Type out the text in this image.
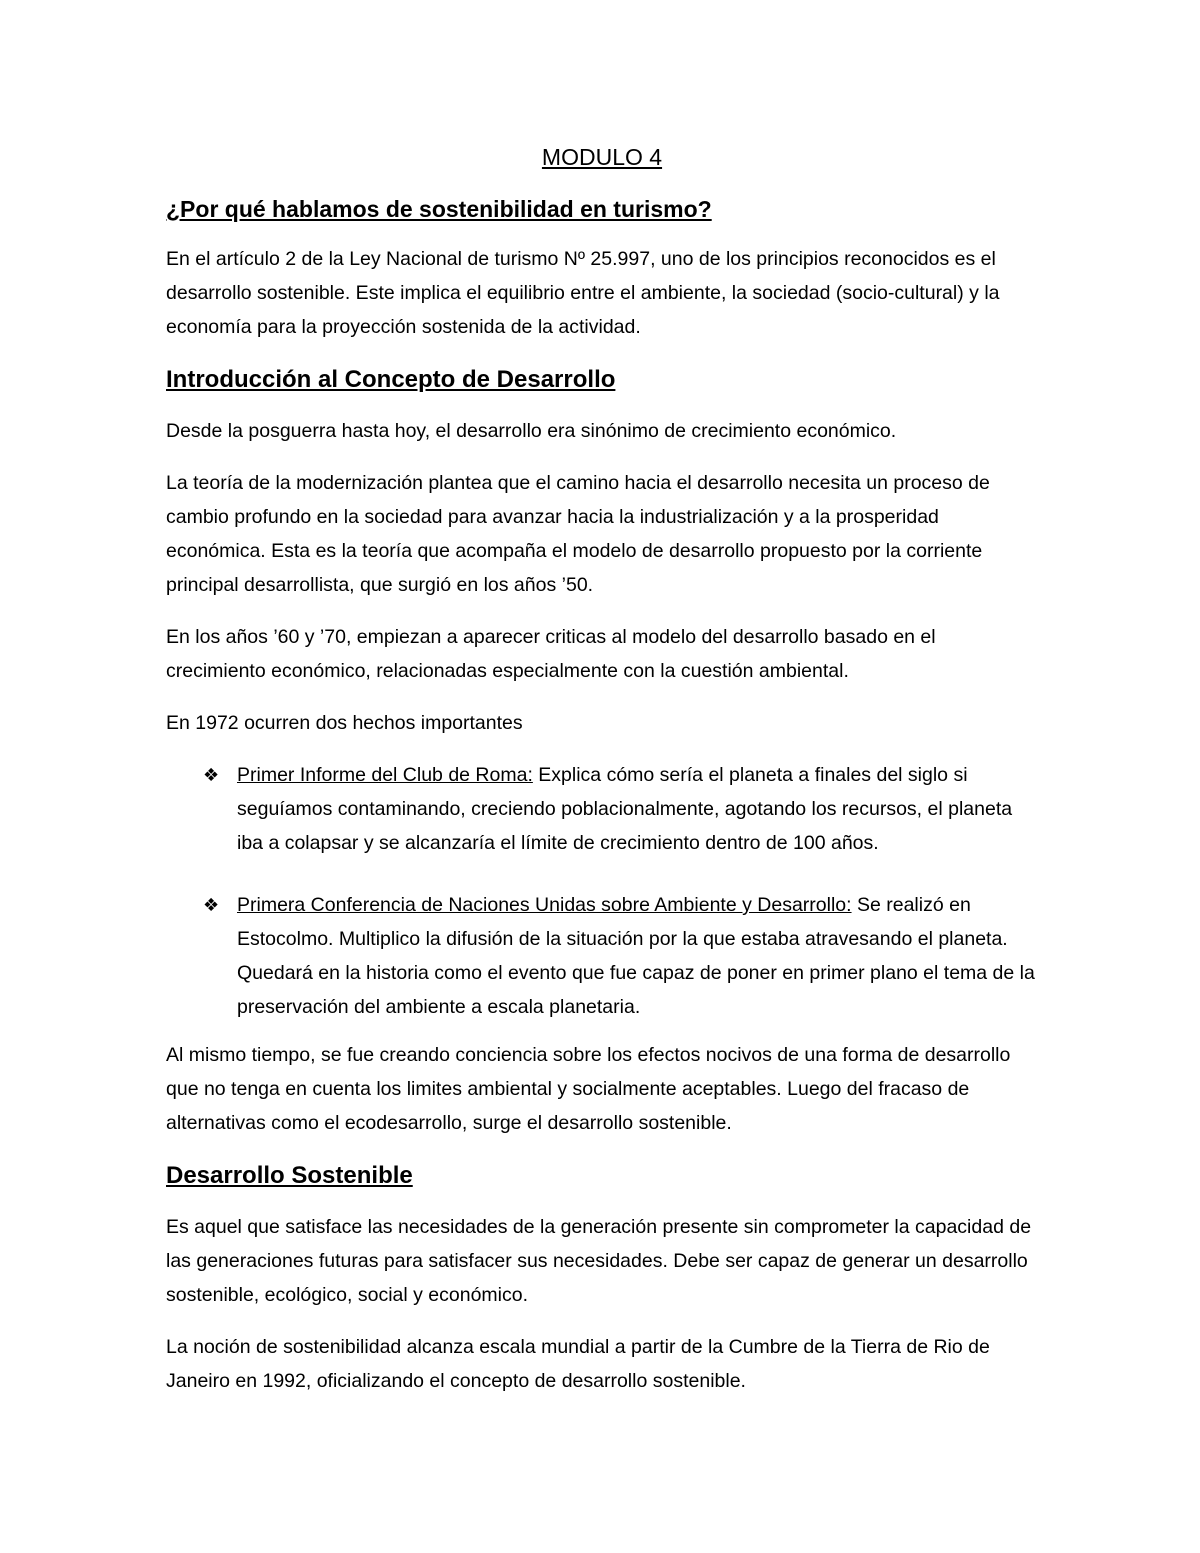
MODULO 4
¿Por qué hablamos de sostenibilidad en turismo?

En el artículo 2 de la Ley Nacional de turismo Nº 25.997, uno de los principios reconocidos es el desarrollo sostenible. Este implica el equilibrio entre el ambiente, la sociedad (socio-cultural) y la economía para la proyección sostenida de la actividad.

Introducción al Concepto de Desarrollo

Desde la posguerra hasta hoy, el desarrollo era sinónimo de crecimiento económico.

La teoría de la modernización plantea que el camino hacia el desarrollo necesita un proceso de cambio profundo en la sociedad para avanzar hacia la industrialización y a la prosperidad económica. Esta es la teoría que acompaña el modelo de desarrollo propuesto por la corriente principal desarrollista, que surgió en los años ’50.

En los años ’60 y ’70, empiezan a aparecer criticas al modelo del desarrollo basado en el crecimiento económico, relacionadas especialmente con la cuestión ambiental.

En 1972 ocurren dos hechos importantes

❖ Primer Informe del Club de Roma: Explica cómo sería el planeta a finales del siglo si seguíamos contaminando, creciendo poblacionalmente, agotando los recursos, el planeta iba a colapsar y se alcanzaría el límite de crecimiento dentro de 100 años.
❖ Primera Conferencia de Naciones Unidas sobre Ambiente y Desarrollo: Se realizó en Estocolmo. Multiplico la difusión de la situación por la que estaba atravesando el planeta. Quedará en la historia como el evento que fue capaz de poner en primer plano el tema de la preservación del ambiente a escala planetaria.

Al mismo tiempo, se fue creando conciencia sobre los efectos nocivos de una forma de desarrollo que no tenga en cuenta los limites ambiental y socialmente aceptables. Luego del fracaso de alternativas como el ecodesarrollo, surge el desarrollo sostenible.

Desarrollo Sostenible

Es aquel que satisface las necesidades de la generación presente sin comprometer la capacidad de las generaciones futuras para satisfacer sus necesidades. Debe ser capaz de generar un desarrollo sostenible, ecológico, social y económico.

La noción de sostenibilidad alcanza escala mundial a partir de la Cumbre de la Tierra de Rio de Janeiro en 1992, oficializando el concepto de desarrollo sostenible.
